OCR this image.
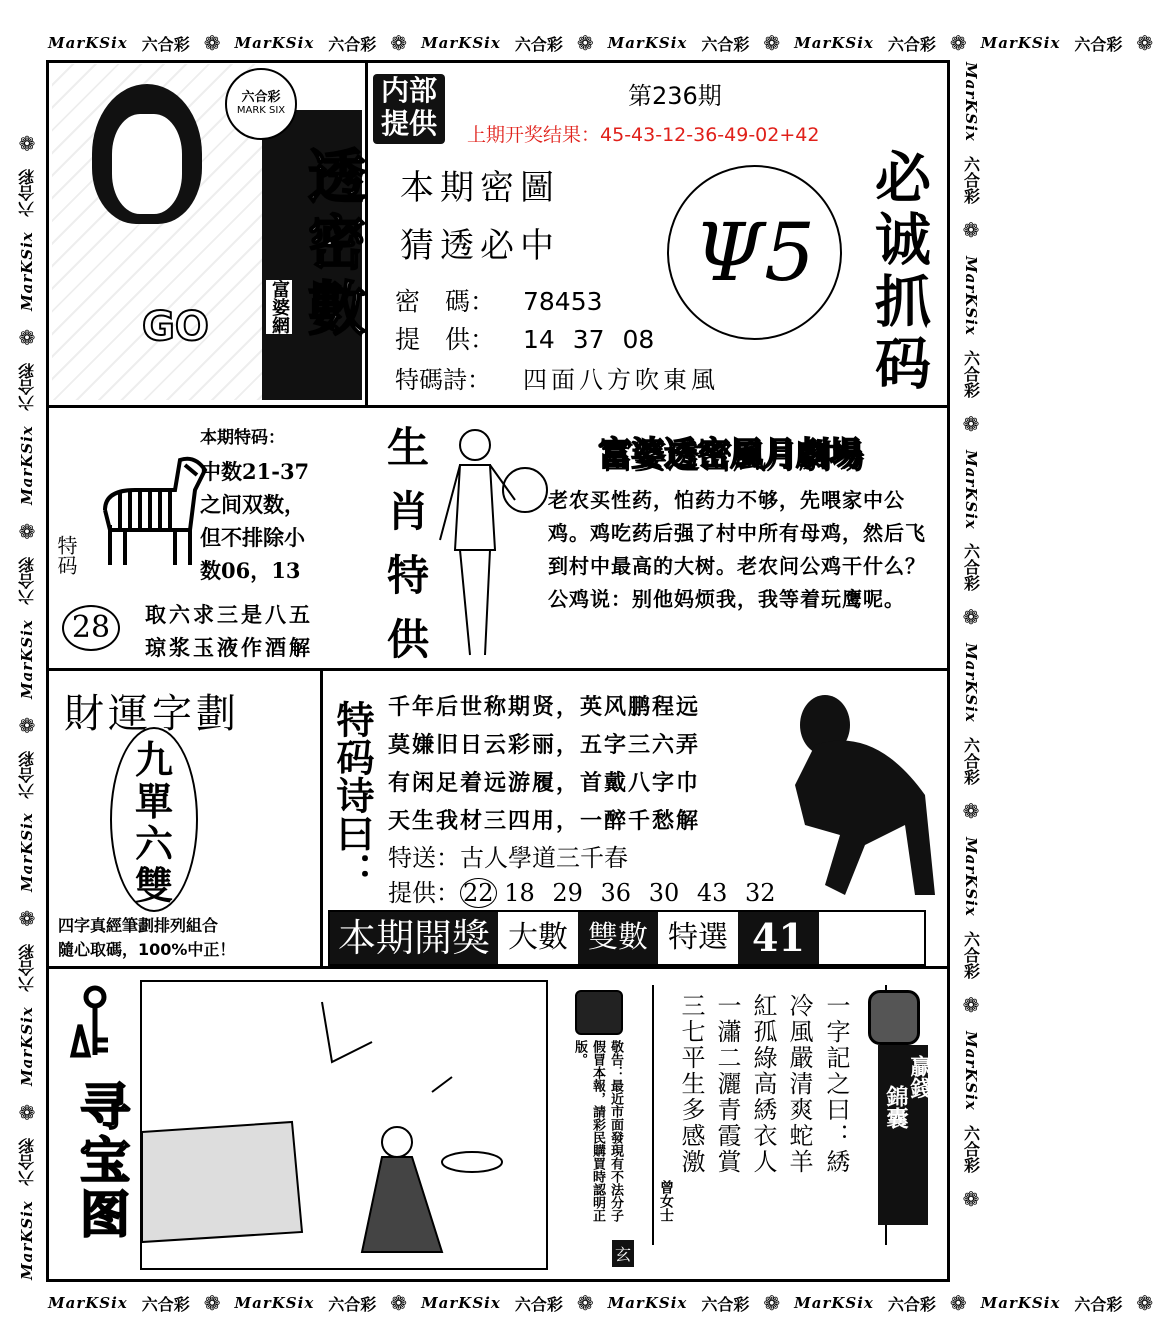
MarKSix 六合彩 ❁ MarKSix 六合彩 ❁ MarKSix 六合彩 ❁ MarKSix 六合彩 ❁ MarKSix 六合彩 ❁ MarKSix 六合彩 ❁
MarKSix 六合彩 ❁ MarKSix 六合彩 ❁ MarKSix 六合彩 ❁ MarKSix 六合彩 ❁ MarKSix 六合彩 ❁ MarKSix 六合彩 ❁
MarKSix
六合彩
❁
MarKSix
六合彩
❁
MarKSix
六合彩
❁
MarKSix
六合彩
❁
MarKSix
六合彩
❁
MarKSix
六合彩
❁
MarKSix
六合彩
❁
MarKSix
六合彩
❁
MarKSix
六合彩
❁
MarKSix
六合彩
❁
MarKSix
六合彩
❁
MarKSix
六合彩
❁
GO 透密數
富婆網
六合彩
MARK SIX
内部
提供
第236期
上期开奖结果：45-43-12-36-49-02+42
本期密圖
猜透必中
密　碼： 78453
提　供： 14 37 08
特碼詩： 四面八方吹東風
Ψ5 必诚抓码
特码
28
本期特码：
中数21-37
之间双数，
但不排除小
数06，13
取六求三是八五
琼浆玉液作酒解 生肖特供	富婆透密風月劇場
老农买性药，怕药力不够，先喂家中公鸡。鸡吃药后强了村中所有母鸡，然后飞到村中最高的大树。老农问公鸡干什么？公鸡说：别他妈烦我，我等着玩鹰呢。
財運字劃
九
單
六
雙
四字真經筆劃排列組合
隨心取碼，100%中正！
特码诗曰： 千年后世称期贤，英风鹏程远
莫嫌旧日云彩丽，五字三六弄
有闲足着远游履，首戴八字巾
天生我材三四用，一醉千愁解
特送：古人學道三千春
提供： 22 18 29 36 30 43 32
本期開獎 大數 雙數 特選 41
寻宝图	敬告：最近市面發現有不法分子假冒本報，請彩民購買時認明正版。
玄
一字記之曰：綉
冷風嚴清爽蛇羊
紅孤綠高綉衣人
一瀟二灑青霞賞
三七平生多感激
曾女士
贏錢
錦囊
